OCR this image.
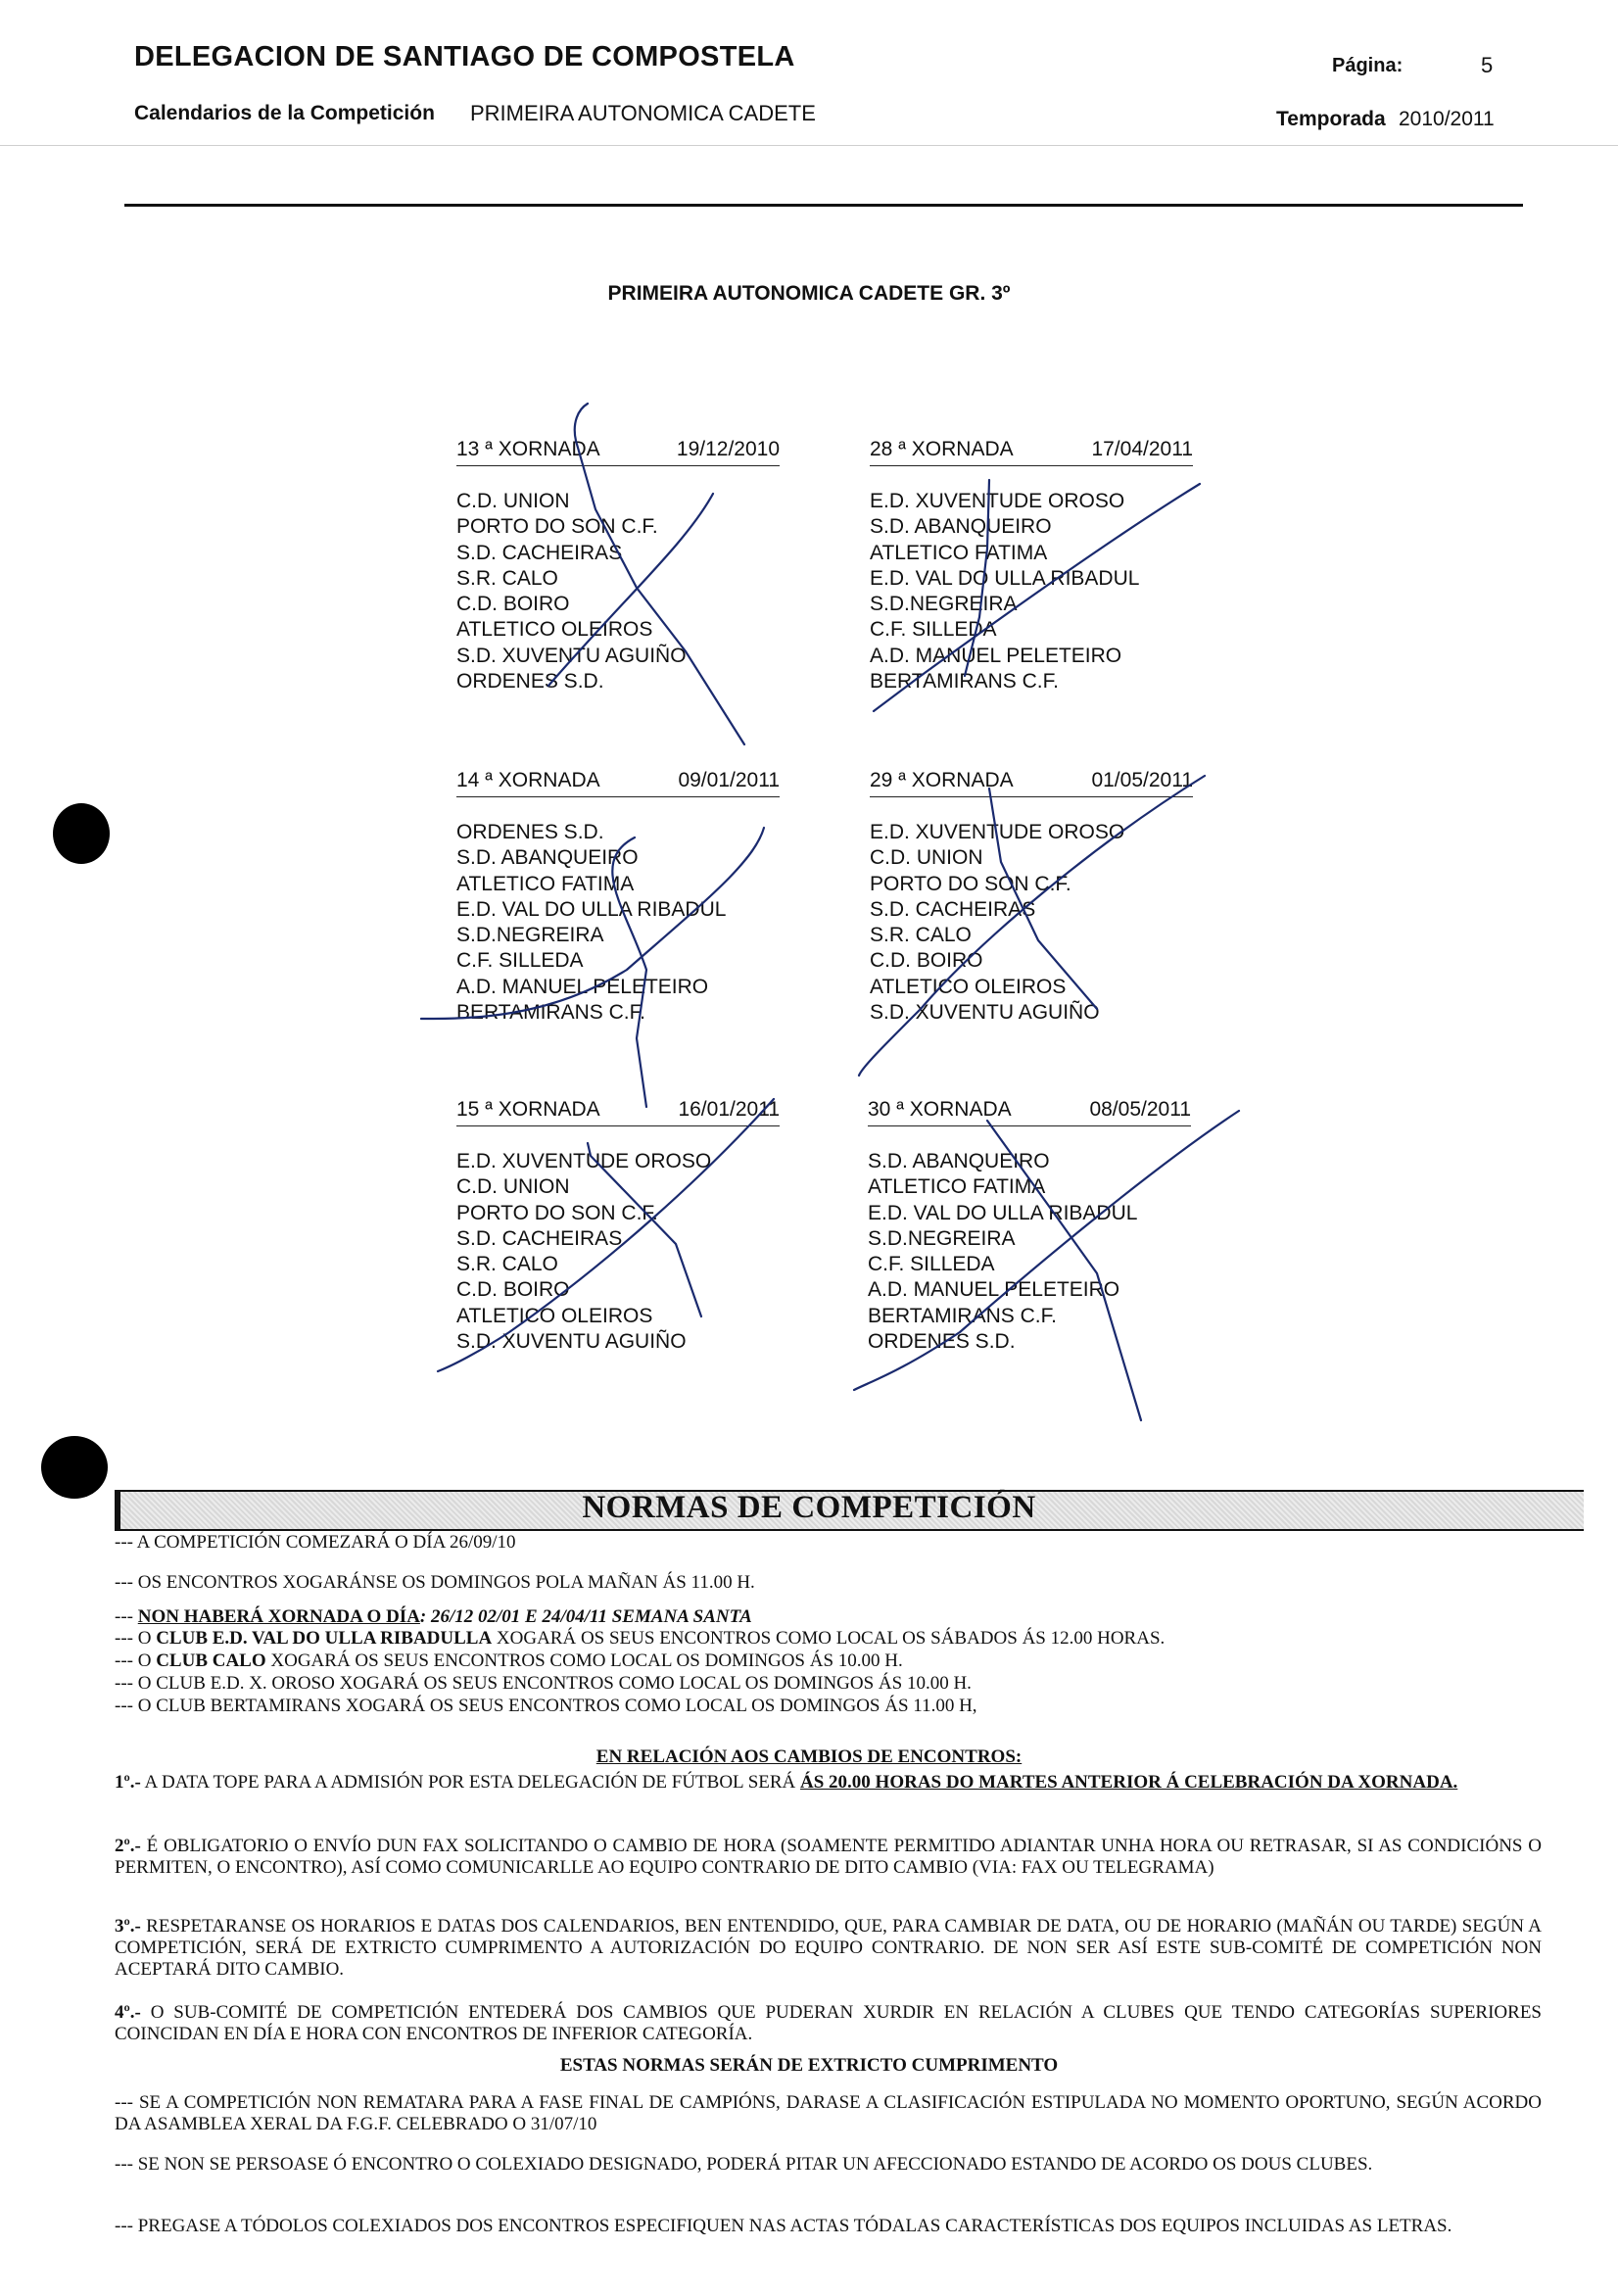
DELEGACION DE SANTIAGO DE COMPOSTELA	Página:	5
Calendarios de la Competición PRIMEIRA AUTONOMICA CADETE	Temporada 2010/2011
PRIMEIRA AUTONOMICA CADETE GR. 3º
13 ª XORNADA	19/12/2010
C.D. UNION
PORTO DO SON C.F.
S.D. CACHEIRAS
S.R. CALO
C.D. BOIRO
ATLETICO OLEIROS
S.D. XUVENTU AGUIÑO
ORDENES S.D.
28 ª XORNADA	17/04/2011
E.D. XUVENTUDE OROSO
S.D. ABANQUEIRO
ATLETICO FATIMA
E.D. VAL DO ULLA RIBADUL
S.D.NEGREIRA
C.F. SILLEDA
A.D. MANUEL PELETEIRO
BERTAMIRANS C.F.
14 ª XORNADA	09/01/2011
ORDENES S.D.
S.D. ABANQUEIRO
ATLETICO FATIMA
E.D. VAL DO ULLA RIBADUL
S.D.NEGREIRA
C.F. SILLEDA
A.D. MANUEL PELETEIRO
BERTAMIRANS C.F.
29 ª XORNADA	01/05/2011
E.D. XUVENTUDE OROSO
C.D. UNION
PORTO DO SON C.F.
S.D. CACHEIRAS
S.R. CALO
C.D. BOIRO
ATLETICO OLEIROS
S.D. XUVENTU AGUIÑO
15 ª XORNADA	16/01/2011
E.D. XUVENTUDE OROSO
C.D. UNION
PORTO DO SON C.F.
S.D. CACHEIRAS
S.R. CALO
C.D. BOIRO
ATLETICO OLEIROS
S.D. XUVENTU AGUIÑO
30 ª XORNADA	08/05/2011
S.D. ABANQUEIRO
ATLETICO FATIMA
E.D. VAL DO ULLA RIBADUL
S.D.NEGREIRA
C.F. SILLEDA
A.D. MANUEL PELETEIRO
BERTAMIRANS C.F.
ORDENES S.D.
NORMAS DE COMPETICIÓN
--- A COMPETICIÓN COMEZARÁ O DÍA 26/09/10
--- OS ENCONTROS XOGARÁNSE OS DOMINGOS POLA MAÑAN ÁS 11.00 H.
--- NON HABERÁ XORNADA O DÍA: 26/12 02/01 E 24/04/11 SEMANA SANTA
--- O CLUB E.D. VAL DO ULLA RIBADULLA XOGARÁ OS SEUS ENCONTROS COMO LOCAL OS SÁBADOS ÁS 12.00 HORAS.
--- O CLUB CALO XOGARÁ OS SEUS ENCONTROS COMO LOCAL OS DOMINGOS ÁS 10.00 H.
--- O CLUB E.D. X. OROSO XOGARÁ OS SEUS ENCONTROS COMO LOCAL OS DOMINGOS ÁS 10.00 H.
--- O CLUB BERTAMIRANS XOGARÁ OS SEUS ENCONTROS COMO LOCAL OS DOMINGOS ÁS 11.00 H,
EN RELACIÓN AOS CAMBIOS DE ENCONTROS:
1º.- A DATA TOPE PARA A ADMISIÓN POR ESTA DELEGACIÓN DE FÚTBOL SERÁ ÁS 20.00 HORAS DO MARTES ANTERIOR Á CELEBRACIÓN DA XORNADA.
2º.- É OBLIGATORIO O ENVÍO DUN FAX SOLICITANDO O CAMBIO DE HORA (SOAMENTE PERMITIDO ADIANTAR UNHA HORA OU RETRASAR, SI AS CONDICIÓNS O PERMITEN, O ENCONTRO), ASÍ COMO COMUNICARLLE AO EQUIPO CONTRARIO DE DITO CAMBIO (VIA: FAX OU TELEGRAMA)
3º.- RESPETARANSE OS HORARIOS E DATAS DOS CALENDARIOS, BEN ENTENDIDO, QUE, PARA CAMBIAR DE DATA, OU DE HORARIO (MAÑÁN OU TARDE) SEGÚN A COMPETICIÓN, SERÁ DE EXTRICTO CUMPRIMENTO A AUTORIZACIÓN DO EQUIPO CONTRARIO. DE NON SER ASÍ ESTE SUB-COMITÉ DE COMPETICIÓN NON ACEPTARÁ DITO CAMBIO.
4º.- O SUB-COMITÉ DE COMPETICIÓN ENTEDERÁ DOS CAMBIOS QUE PUDERAN XURDIR EN RELACIÓN A CLUBES QUE TENDO CATEGORÍAS SUPERIORES COINCIDAN EN DÍA E HORA CON ENCONTROS DE INFERIOR CATEGORÍA.
ESTAS NORMAS SERÁN DE EXTRICTO CUMPRIMENTO
--- SE A COMPETICIÓN NON REMATARA PARA A FASE FINAL DE CAMPIÓNS, DARASE A CLASIFICACIÓN ESTIPULADA NO MOMENTO OPORTUNO, SEGÚN ACORDO DA ASAMBLEA XERAL DA F.G.F. CELEBRADO O 31/07/10
--- SE NON SE PERSOASE Ó ENCONTRO O COLEXIADO DESIGNADO, PODERÁ PITAR UN AFECCIONADO ESTANDO DE ACORDO OS DOUS CLUBES.
--- PREGASE A TÓDOLOS COLEXIADOS DOS ENCONTROS ESPECIFIQUEN NAS ACTAS TÓDALAS CARACTERÍSTICAS DOS EQUIPOS INCLUIDAS AS LETRAS.
